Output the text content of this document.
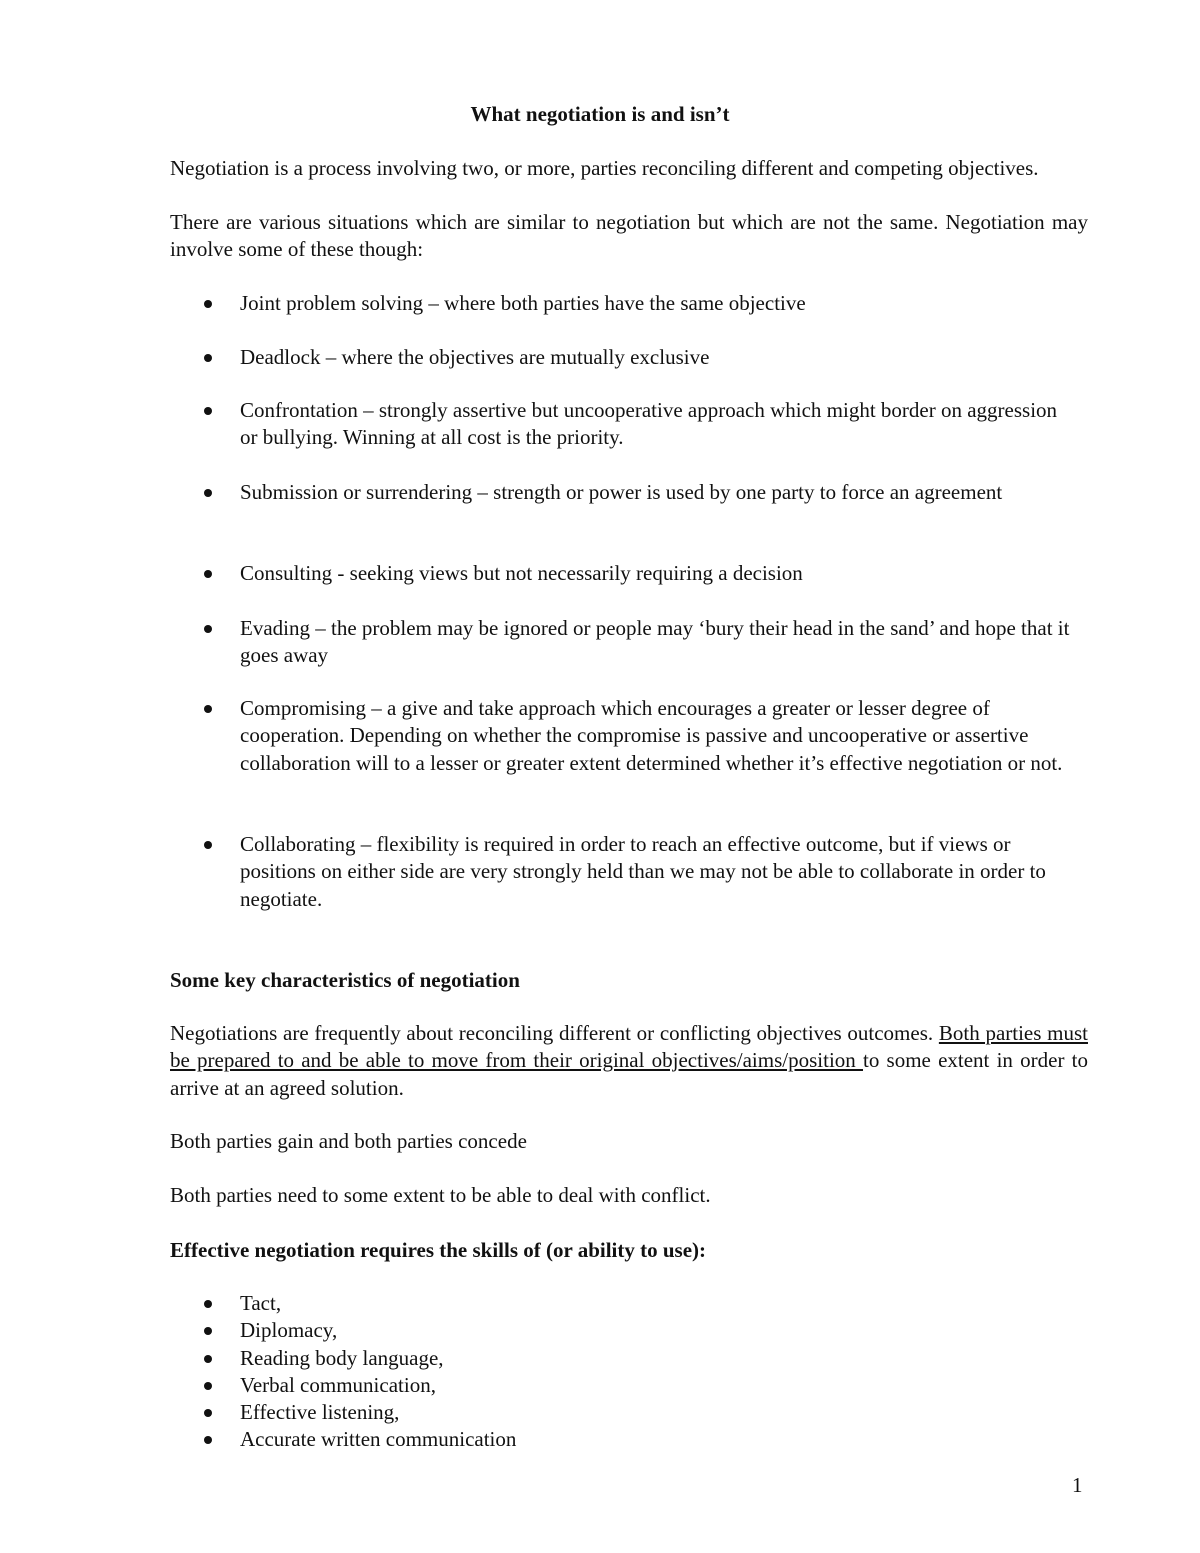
What negotiation is and isn’t
Negotiation is a process involving two, or more, parties reconciling different and competing objectives.
There are various situations which are similar to negotiation but which are not the same. Negotiation may involve some of these though:
Joint problem solving – where both parties have the same objective
Deadlock – where the objectives are mutually exclusive
Confrontation – strongly assertive but uncooperative approach which might border on aggression or bullying. Winning at all cost is the priority.
Submission or surrendering – strength or power is used by one party to force an agreement
Consulting - seeking views but not necessarily requiring a decision
Evading – the problem may be ignored or people may ‘bury their head in the sand’ and hope that it goes away
Compromising – a give and take approach which encourages a greater or lesser degree of cooperation. Depending on whether the compromise is passive and uncooperative or assertive collaboration will to a lesser or greater extent determined whether it’s effective negotiation or not.
Collaborating – flexibility is required in order to reach an effective outcome, but if views or positions on either side are very strongly held than we may not be able to collaborate in order to negotiate.
Some key characteristics of negotiation
Negotiations are frequently about reconciling different or conflicting objectives outcomes. Both parties must be prepared to and be able to move from their original objectives/aims/position to some extent in order to arrive at an agreed solution.
Both parties gain and both parties concede
Both parties need to some extent to be able to deal with conflict.
Effective negotiation requires the skills of (or ability to use):
Tact,
Diplomacy,
Reading body language,
Verbal communication,
Effective listening,
Accurate written communication
1
